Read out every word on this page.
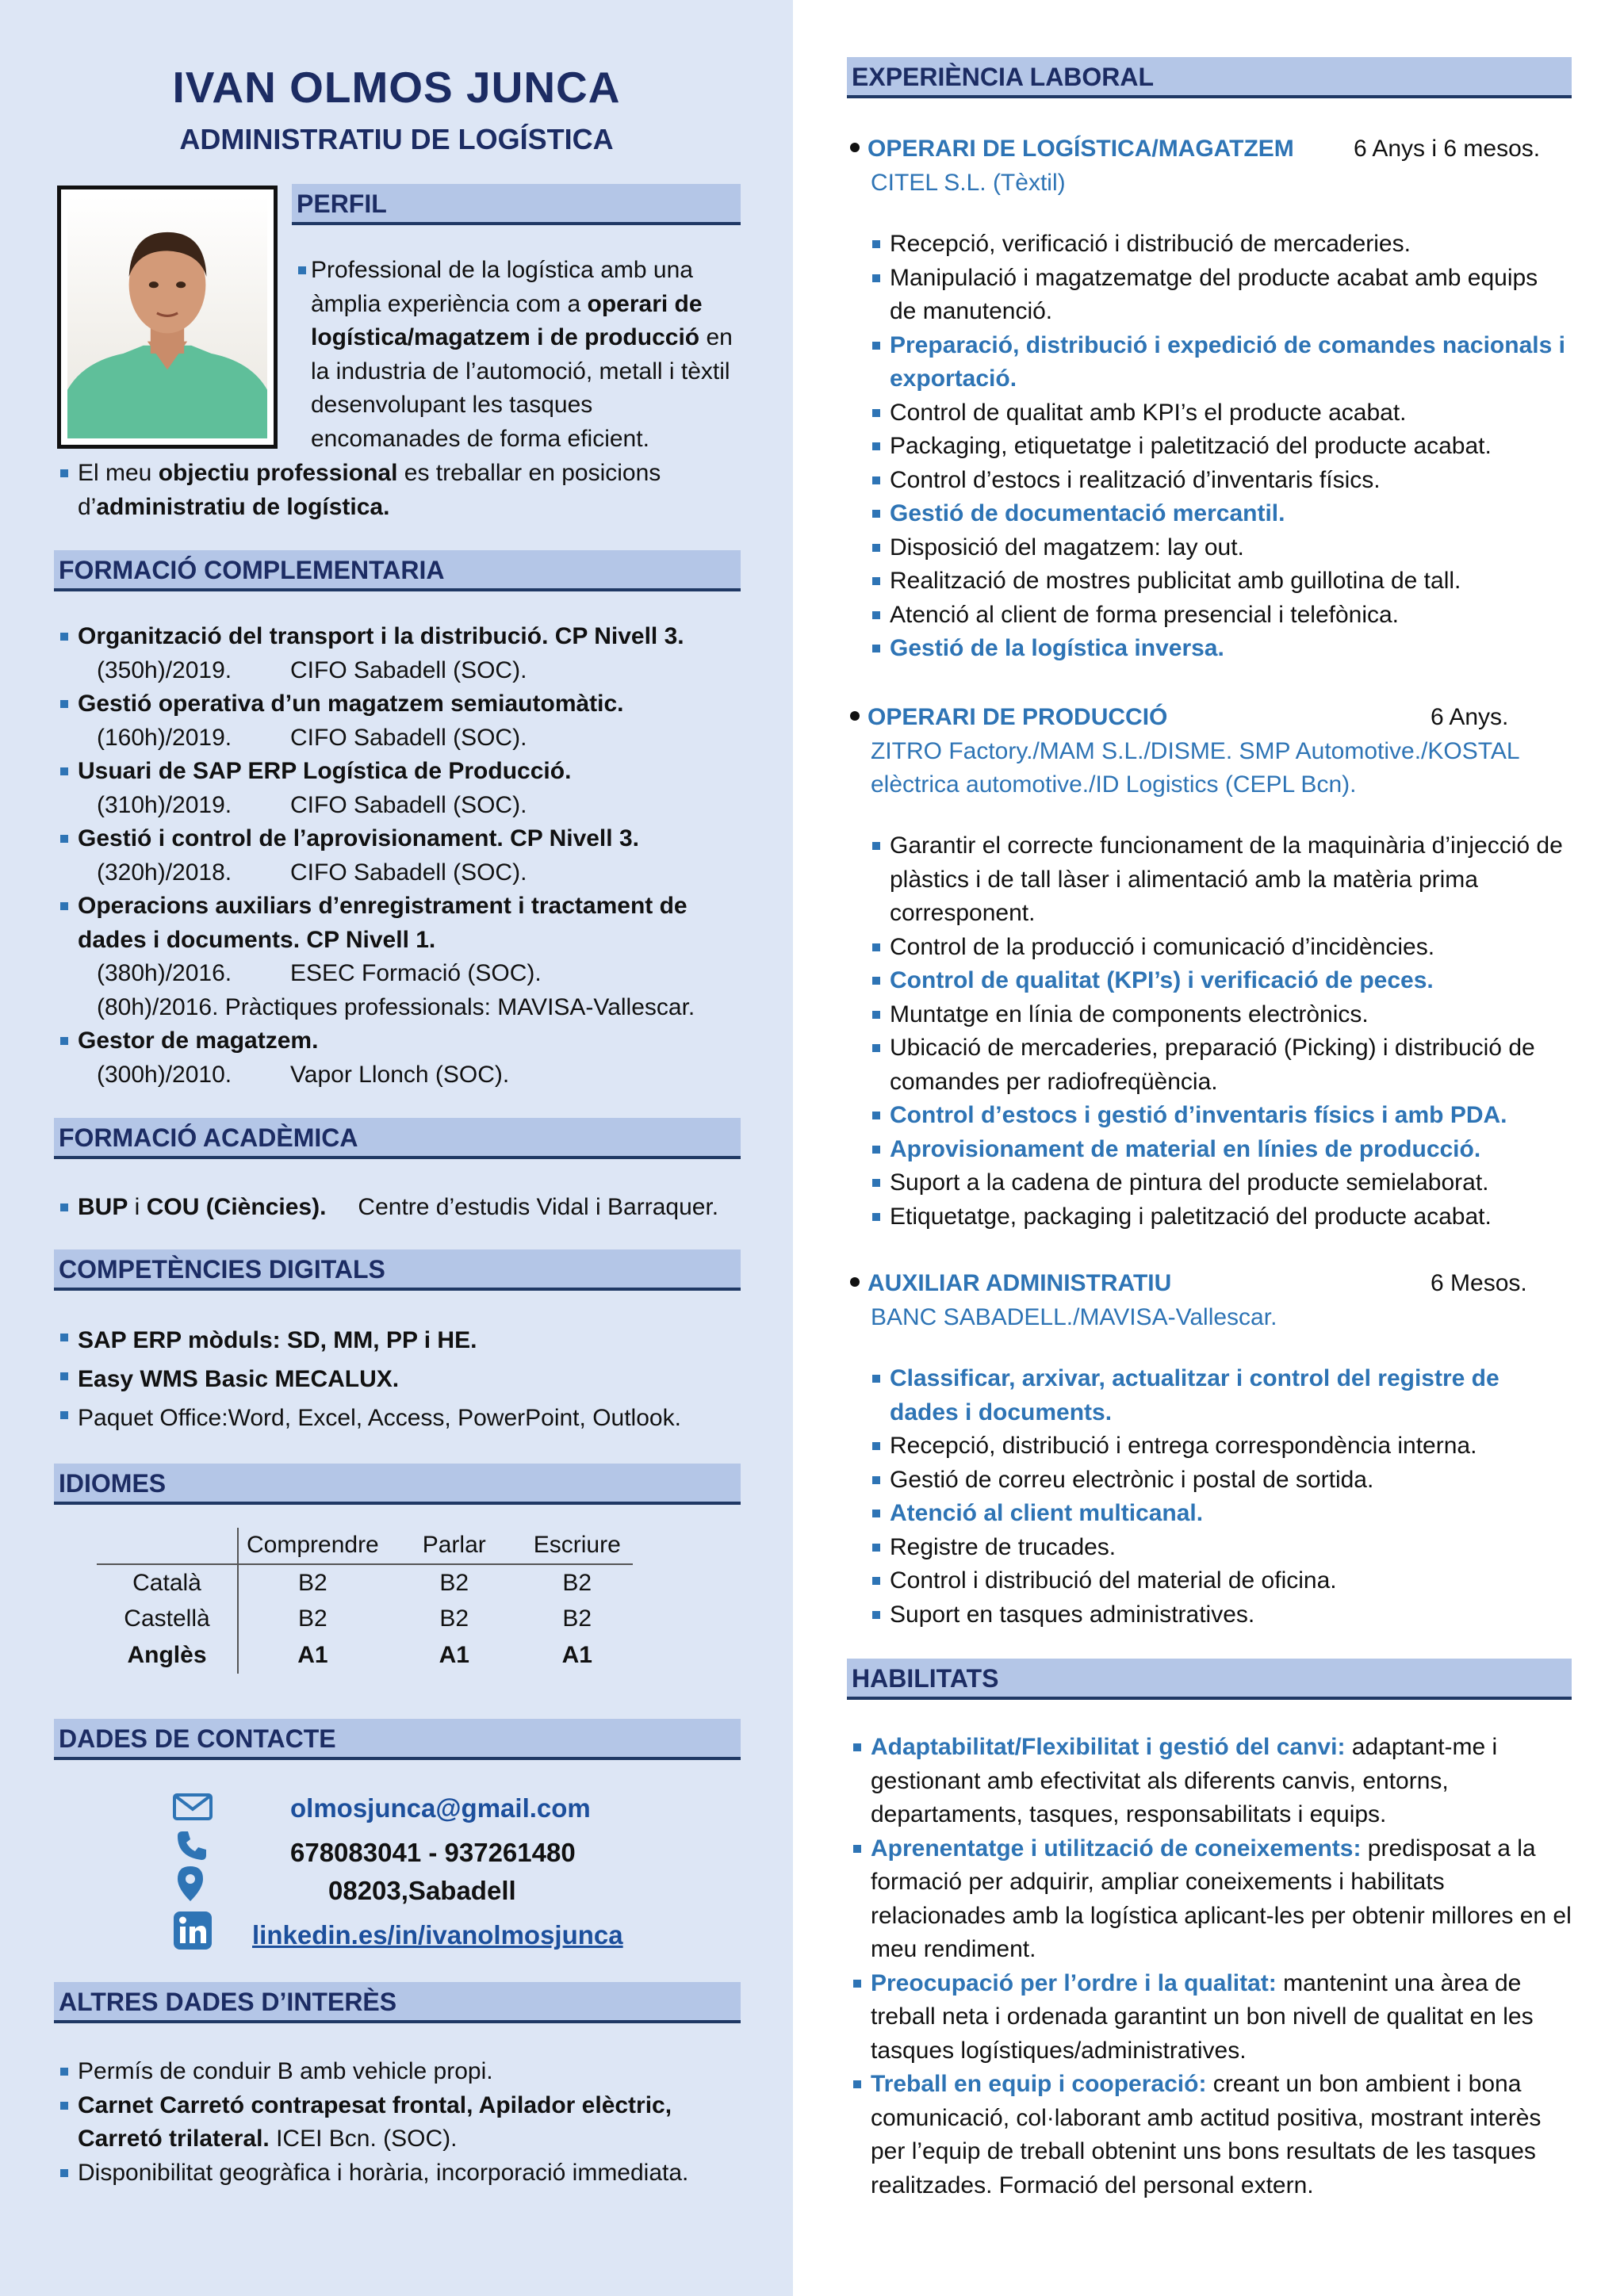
IVAN OLMOS JUNCA
ADMINISTRATIU DE LOGÍSTICA
PERFIL
Professional de la logística amb una àmplia experiència com a operari de logística/magatzem i de producció en la industria de l’automoció, metall i tèxtil desenvolupant les tasques encomanades de forma eficient.
El meu objectiu professional es treballar en posicions d’administratiu de logística.
FORMACIÓ COMPLEMENTARIA
Organització del transport i la distribució. CP Nivell 3.
(350h)/2019. CIFO Sabadell (SOC).
Gestió operativa d’un magatzem semiautomàtic.
(160h)/2019. CIFO Sabadell (SOC).
Usuari de SAP ERP Logística de Producció.
(310h)/2019. CIFO Sabadell (SOC).
Gestió i control de l’aprovisionament. CP Nivell 3.
(320h)/2018. CIFO Sabadell (SOC).
Operacions auxiliars d’enregistrament i tractament de dades i documents. CP Nivell 1.
(380h)/2016. ESEC Formació (SOC).
(80h)/2016. Pràctiques professionals: MAVISA-Vallescar.
Gestor de magatzem.
(300h)/2010. Vapor Llonch (SOC).
FORMACIÓ ACADÈMICA
BUP i COU (Ciències). Centre d’estudis Vidal i Barraquer.
COMPETÈNCIES DIGITALS
SAP ERP mòduls: SD, MM, PP i HE.
Easy WMS Basic MECALUX.
Paquet Office:Word, Excel, Access, PowerPoint, Outlook.
IDIOMES
	Comprendre	Parlar	Escriure
Català	B2	B2	B2
Castellà	B2	B2	B2
Anglès	A1	A1	A1
DADES DE CONTACTE
olmosjunca@gmail.com
678083041 - 937261480
08203,Sabadell
linkedin.es/in/ivanolmosjunca
ALTRES DADES D’INTERÈS
Permís de conduir B amb vehicle propi.
Carnet Carretó contrapesat frontal, Apilador elèctric, Carretó trilateral. ICEI Bcn. (SOC).
Disponibilitat geogràfica i horària, incorporació immediata.
EXPERIÈNCIA LABORAL
OPERARI DE LOGÍSTICA/MAGATZEM	6 Anys i 6 mesos.
CITEL S.L. (Tèxtil)
Recepció, verificació i distribució de mercaderies.
Manipulació i magatzematge del producte acabat amb equips de manutenció.
Preparació, distribució i expedició de comandes nacionals i exportació.
Control de qualitat amb KPI’s el producte acabat.
Packaging, etiquetatge i paletització del producte acabat.
Control d’estocs i realització d’inventaris físics.
Gestió de documentació mercantil.
Disposició del magatzem: lay out.
Realització de mostres publicitat amb guillotina de tall.
Atenció al client de forma presencial i telefònica.
Gestió de la logística inversa.
OPERARI DE PRODUCCIÓ	6 Anys.
ZITRO Factory./MAM S.L./DISME. SMP Automotive./KOSTAL elèctrica automotive./ID Logistics (CEPL Bcn).
Garantir el correcte funcionament de la maquinària d’injecció de plàstics i de tall làser i alimentació amb la matèria prima corresponent.
Control de la producció i comunicació d’incidències.
Control de qualitat (KPI’s) i verificació de peces.
Muntatge en línia de components electrònics.
Ubicació de mercaderies, preparació (Picking) i distribució de comandes per radiofreqüència.
Control d’estocs i gestió d’inventaris físics i amb PDA.
Aprovisionament de material en línies de producció.
Suport a la cadena de pintura del producte semielaborat.
Etiquetatge, packaging i paletització del producte acabat.
AUXILIAR ADMINISTRATIU	6 Mesos.
BANC SABADELL./MAVISA-Vallescar.
Classificar, arxivar, actualitzar i control del registre de dades i documents.
Recepció, distribució i entrega correspondència interna.
Gestió de correu electrònic i postal de sortida.
Atenció al client multicanal.
Registre de trucades.
Control i distribució del material de oficina.
Suport en tasques administratives.
HABILITATS
Adaptabilitat/Flexibilitat i gestió del canvi: adaptant-me i gestionant amb efectivitat als diferents canvis, entorns, departaments, tasques, responsabilitats i equips.
Aprenentatge i utilització de coneixements: predisposat a la formació per adquirir, ampliar coneixements i habilitats relacionades amb la logística aplicant-les per obtenir millores en el meu rendiment.
Preocupació per l’ordre i la qualitat: mantenint una àrea de treball neta i ordenada garantint un bon nivell de qualitat en les tasques logístiques/administratives.
Treball en equip i cooperació: creant un bon ambient i bona comunicació, col·laborant amb actitud positiva, mostrant interès per l’equip de treball obtenint uns bons resultats de les tasques realitzades. Formació del personal extern.
